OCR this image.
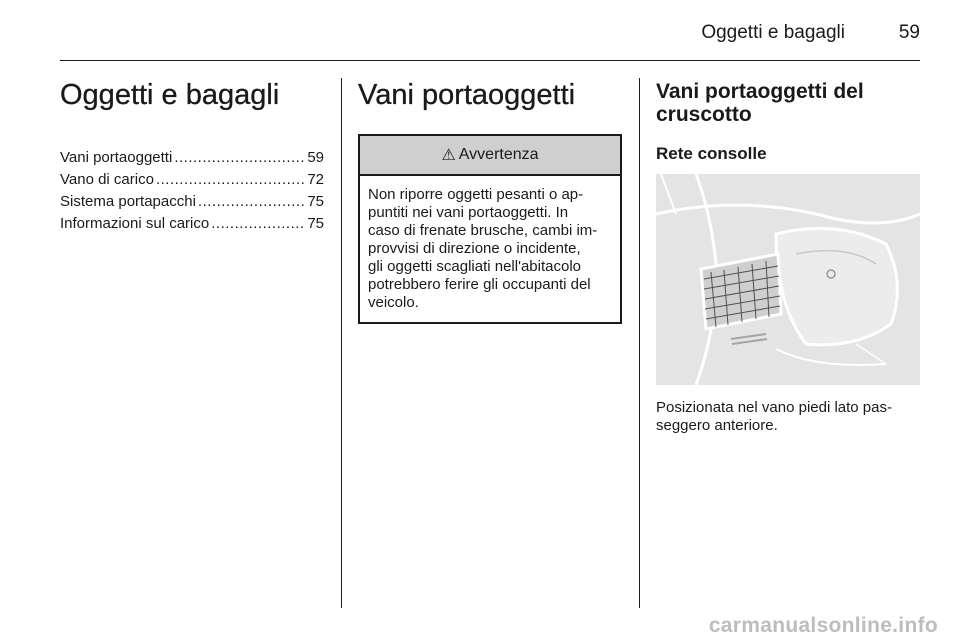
Oggetti e bagagli	59
Oggetti e bagagli
Vani portaoggetti .....	59
Vano di carico .....	72
Sistema portapacchi .....	75
Informazioni sul carico .....	75
Vani portaoggetti
⚠ Avvertenza
Non riporre oggetti pesanti o ap-
puntiti nei vani portaoggetti. In
caso di frenate brusche, cambi im-
provvisi di direzione o incidente,
gli oggetti scagliati nell'abitacolo
potrebbero ferire gli occupanti del
veicolo.
Vani portaoggetti del
cruscotto
Rete consolle
Posizionata nel vano piedi lato pas-
seggero anteriore.
carmanualsonline.info
